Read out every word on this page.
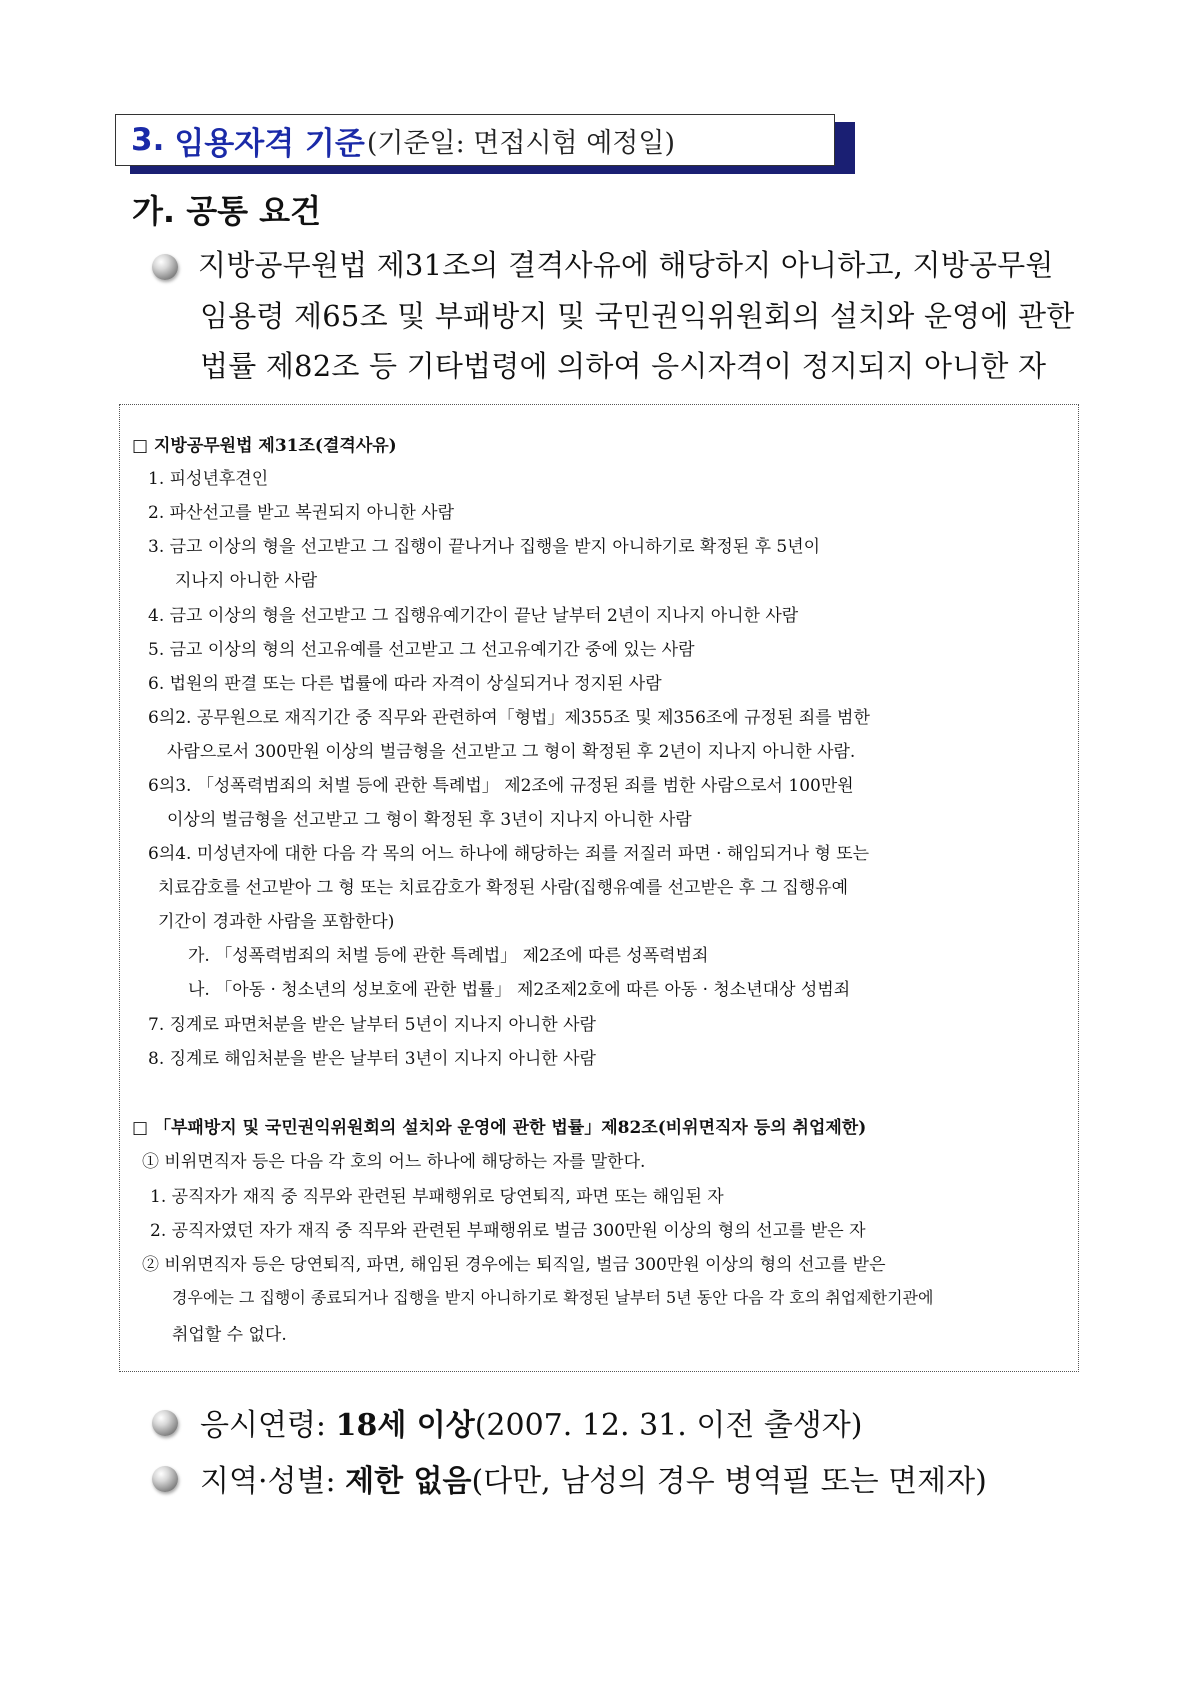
3. 임용자격 기준 (기준일: 면접시험 예정일)
가. 공통 요건
지방공무원법 제31조의 결격사유에 해당하지 아니하고, 지방공무원
임용령 제65조 및 부패방지 및 국민권익위원회의 설치와 운영에 관한
법률 제82조 등 기타법령에 의하여 응시자격이 정지되지 아니한 자
□ 지방공무원법 제31조(결격사유)
1. 피성년후견인
2. 파산선고를 받고 복권되지 아니한 사람
3. 금고 이상의 형을 선고받고 그 집행이 끝나거나 집행을 받지 아니하기로 확정된 후 5년이
지나지 아니한 사람
4. 금고 이상의 형을 선고받고 그 집행유예기간이 끝난 날부터 2년이 지나지 아니한 사람
5. 금고 이상의 형의 선고유예를 선고받고 그 선고유예기간 중에 있는 사람
6. 법원의 판결 또는 다른 법률에 따라 자격이 상실되거나 정지된 사람
6의2. 공무원으로 재직기간 중 직무와 관련하여「형법」제355조 및 제356조에 규정된 죄를 범한
사람으로서 300만원 이상의 벌금형을 선고받고 그 형이 확정된 후 2년이 지나지 아니한 사람.
6의3. 「성폭력범죄의 처벌 등에 관한 특례법」 제2조에 규정된 죄를 범한 사람으로서 100만원
이상의 벌금형을 선고받고 그 형이 확정된 후 3년이 지나지 아니한 사람
6의4. 미성년자에 대한 다음 각 목의 어느 하나에 해당하는 죄를 저질러 파면 · 해임되거나 형 또는
치료감호를 선고받아 그 형 또는 치료감호가 확정된 사람(집행유예를 선고받은 후 그 집행유예
기간이 경과한 사람을 포함한다)
가. 「성폭력범죄의 처벌 등에 관한 특례법」 제2조에 따른 성폭력범죄
나. 「아동 · 청소년의 성보호에 관한 법률」 제2조제2호에 따른 아동 · 청소년대상 성범죄
7. 징계로 파면처분을 받은 날부터 5년이 지나지 아니한 사람
8. 징계로 해임처분을 받은 날부터 3년이 지나지 아니한 사람
□ 「부패방지 및 국민권익위원회의 설치와 운영에 관한 법률」제82조(비위면직자 등의 취업제한)
① 비위면직자 등은 다음 각 호의 어느 하나에 해당하는 자를 말한다.
1. 공직자가 재직 중 직무와 관련된 부패행위로 당연퇴직, 파면 또는 해임된 자
2. 공직자였던 자가 재직 중 직무와 관련된 부패행위로 벌금 300만원 이상의 형의 선고를 받은 자
② 비위면직자 등은 당연퇴직, 파면, 해임된 경우에는 퇴직일, 벌금 300만원 이상의 형의 선고를 받은
경우에는 그 집행이 종료되거나 집행을 받지 아니하기로 확정된 날부터 5년 동안 다음 각 호의 취업제한기관에
취업할 수 없다.
응시연령: 18세 이상(2007. 12. 31. 이전 출생자)
지역·성별: 제한 없음(다만, 남성의 경우 병역필 또는 면제자)
